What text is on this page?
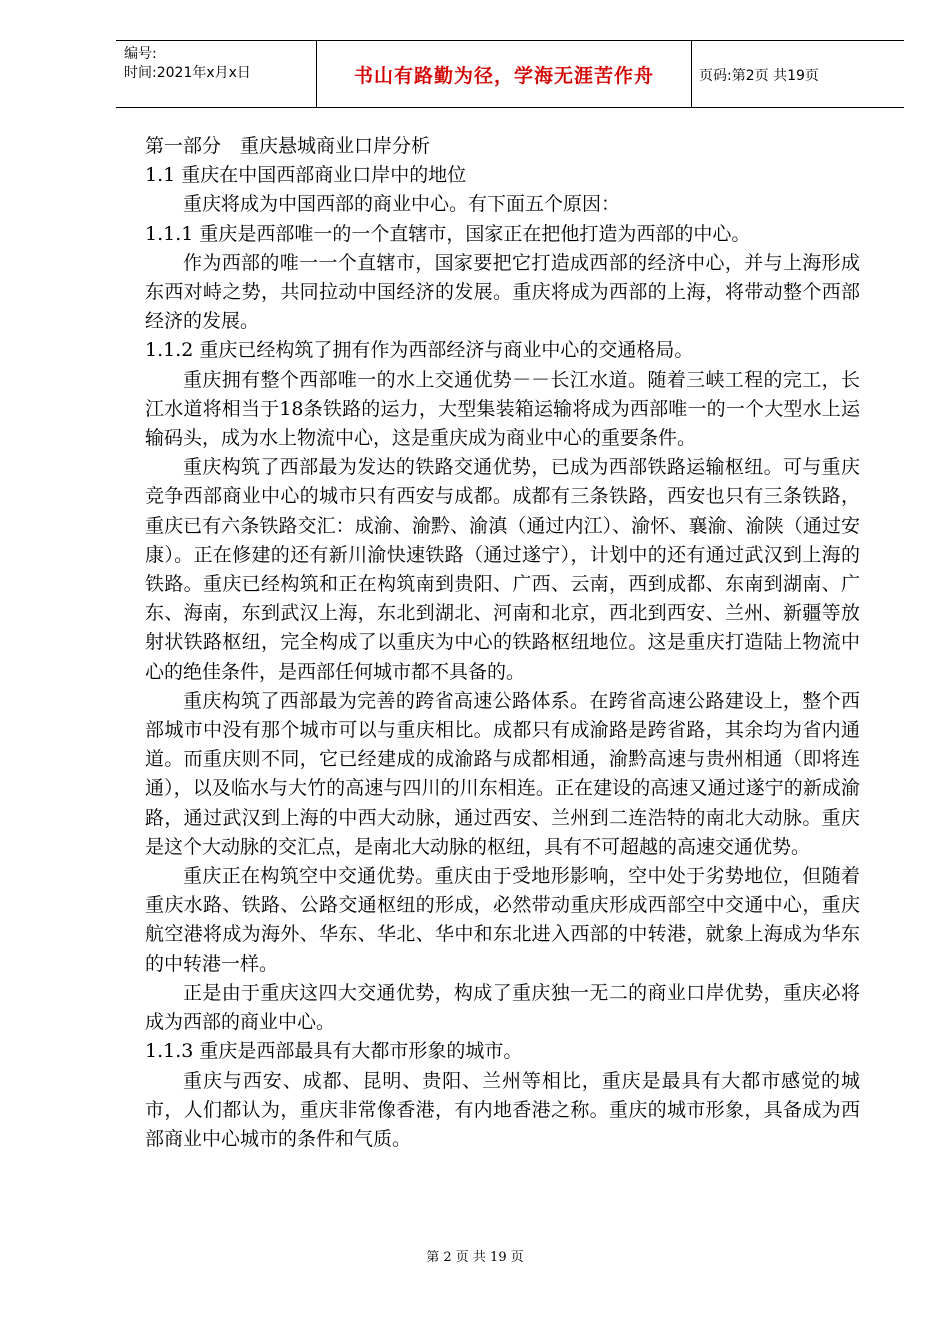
编号:
时间:2021年x月x日	书山有路勤为径，学海无涯苦作舟	页码:第2页 共19页

第一部分　重庆悬城商业口岸分析

1.1 重庆在中国西部商业口岸中的地位

重庆将成为中国西部的商业中心。有下面五个原因：

1.1.1 重庆是西部唯一的一个直辖市，国家正在把他打造为西部的中心。

作为西部的唯一一个直辖市，国家要把它打造成西部的经济中心，并与上海形成东西对峙之势，共同拉动中国经济的发展。重庆将成为西部的上海，将带动整个西部经济的发展。

1.1.2 重庆已经构筑了拥有作为西部经济与商业中心的交通格局。

重庆拥有整个西部唯一的水上交通优势－－长江水道。随着三峡工程的完工，长江水道将相当于18条铁路的运力，大型集装箱运输将成为西部唯一的一个大型水上运输码头，成为水上物流中心，这是重庆成为商业中心的重要条件。

重庆构筑了西部最为发达的铁路交通优势，已成为西部铁路运输枢纽。可与重庆竞争西部商业中心的城市只有西安与成都。成都有三条铁路，西安也只有三条铁路，重庆已有六条铁路交汇：成渝、渝黔、渝滇（通过内江）、渝怀、襄渝、渝陕（通过安康）。正在修建的还有新川渝快速铁路（通过遂宁），计划中的还有通过武汉到上海的铁路。重庆已经构筑和正在构筑南到贵阳、广西、云南，西到成都、东南到湖南、广东、海南，东到武汉上海，东北到湖北、河南和北京，西北到西安、兰州、新疆等放射状铁路枢纽，完全构成了以重庆为中心的铁路枢纽地位。这是重庆打造陆上物流中心的绝佳条件，是西部任何城市都不具备的。

重庆构筑了西部最为完善的跨省高速公路体系。在跨省高速公路建设上，整个西部城市中没有那个城市可以与重庆相比。成都只有成渝路是跨省路，其余均为省内通道。而重庆则不同，它已经建成的成渝路与成都相通，渝黔高速与贵州相通（即将连通），以及临水与大竹的高速与四川的川东相连。正在建设的高速又通过遂宁的新成渝路，通过武汉到上海的中西大动脉，通过西安、兰州到二连浩特的南北大动脉。重庆是这个大动脉的交汇点，是南北大动脉的枢纽，具有不可超越的高速交通优势。

重庆正在构筑空中交通优势。重庆由于受地形影响，空中处于劣势地位，但随着重庆水路、铁路、公路交通枢纽的形成，必然带动重庆形成西部空中交通中心，重庆航空港将成为海外、华东、华北、华中和东北进入西部的中转港，就象上海成为华东的中转港一样。

正是由于重庆这四大交通优势，构成了重庆独一无二的商业口岸优势，重庆必将成为西部的商业中心。

1.1.3 重庆是西部最具有大都市形象的城市。

重庆与西安、成都、昆明、贵阳、兰州等相比，重庆是最具有大都市感觉的城市，人们都认为，重庆非常像香港，有内地香港之称。重庆的城市形象，具备成为西部商业中心城市的条件和气质。

第 2 页 共 19 页
